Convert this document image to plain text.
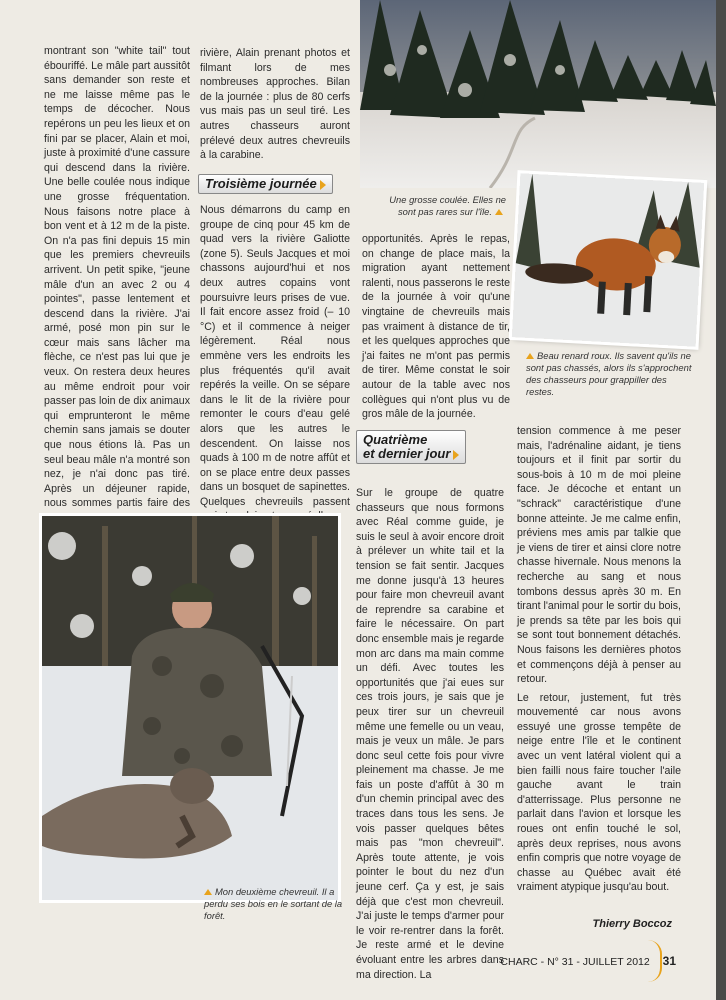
montrant son "white tail" tout ébouriffé. Le mâle part aussitôt sans demander son reste et ne me laisse même pas le temps de décocher. Nous repérons un peu les lieux et on fini par se placer, Alain et moi, juste à proximité d'une cassure qui descend dans la rivière. Une belle coulée nous indique une grosse fréquentation. Nous faisons notre place à bon vent et à 12 m de la piste. On n'a pas fini depuis 15 min que les premiers chevreuils arrivent. Un petit spike, "jeune mâle d'un an avec 2 ou 4 pointes", passe lentement et descend dans la rivière. J'ai armé, posé mon pin sur le cœur mais sans lâcher ma flèche, ce n'est pas lui que je veux. On restera deux heures au même endroit pour voir passer pas loin de dix animaux qui emprunteront le même chemin sans jamais se douter que nous étions là. Pas un seul beau mâle n'a montré son nez, je n'ai donc pas tiré. Après un déjeuner rapide, nous sommes partis faire des

rivière, Alain prenant photos et filmant lors de mes nombreuses approches. Bilan de la journée : plus de 80 cerfs vus mais pas un seul tiré. Les autres chasseurs auront prélevé deux autres chevreuils à la carabine.

Troisième journée

Nous démarrons du camp en groupe de cinq pour 45 km de quad vers la rivière Galiotte (zone 5). Seuls Jacques et moi chassons aujourd'hui et nos deux autres copains vont poursuivre leurs prises de vue. Il fait encore assez froid (– 10 °C) et il commence à neiger légèrement. Réal nous emmène vers les endroits les plus fréquentés qu'il avait repérés la veille. On se sépare dans le lit de la rivière pour remonter le cours d'eau gelé alors que les autres le descendent. On laisse nos quads à 100 m de notre affût et on se place entre deux passes dans un bosquet de sapinettes. Quelques chevreuils passent

Une grosse coulée. Elles ne sont pas rares sur l'île.
Beau renard roux. Ils savent qu'ils ne sont pas chassés, alors ils s'approchent des chasseurs pour grappiller des restes.

opportunités. Après le repas, on change de place mais, la migration ayant nettement ralenti, nous passerons le reste de la journée à voir qu'une vingtaine de chevreuils mais pas vraiment à distance de tir, et les quelques approches que j'ai faites ne m'ont pas permis de tirer. Même constat le soir autour de la table avec nos collègues qui n'ont plus vu de gros mâle de la journée.

Quatrième
et dernier jour

Sur le groupe de quatre chasseurs que nous formons avec Réal comme guide, je suis le seul à avoir encore droit à prélever un white tail et la tension se fait sentir. Jacques me donne jusqu'à 13 heures pour faire mon chevreuil avant de reprendre sa carabine et faire le nécessaire. On part donc ensemble mais je regarde mon arc dans ma main comme un défi. Avec toutes les opportunités que j'ai eues sur ces trois jours, je sais que je peux tirer sur un chevreuil même une femelle ou un veau, mais je veux un mâle. Je pars donc seul cette fois pour vivre pleinement ma chasse. Je me fais un poste d'affût à 30 m d'un chemin principal avec des traces dans tous les sens. Je vois passer quelques bêtes mais pas "mon chevreuil". Après toute attente, je vois pointer le bout du nez d'un jeune cerf. Ça y est, je sais déjà que c'est mon chevreuil. J'ai juste le temps d'armer pour le voir re-rentrer dans la forêt. Je reste armé et le devine évoluant entre les arbres dans ma direction. La

tension commence à me peser mais, l'adrénaline aidant, je tiens toujours et il finit par sortir du sous-bois à 10 m de moi pleine face. Je décoche et entant un "schrack" caractéristique d'une bonne atteinte. Je me calme enfin, préviens mes amis par talkie que je viens de tirer et ainsi clore notre chasse hivernale. Nous menons la recherche au sang et nous tombons dessus après 30 m. En tirant l'animal pour le sortir du bois, je prends sa tête par les bois qui se sont tout bonnement détachés. Nous faisons les dernières photos et commençons déjà à penser au retour.

Le retour, justement, fut très mouvementé car nous avons essuyé une grosse tempête de neige entre l'île et le continent avec un vent latéral violent qui a bien failli nous faire toucher l'aile gauche avant le train d'atterrissage. Plus personne ne parlait dans l'avion et lorsque les roues ont enfin touché le sol, après deux reprises, nous avons enfin compris que notre voyage de chasse au Québec avait été vraiment atypique jusqu'au bout.

Mon deuxième chevreuil. Il a perdu ses bois en le sortant de la forêt.
Thierry Boccoz
CHARC - N° 31 - JUILLET 2012 31
